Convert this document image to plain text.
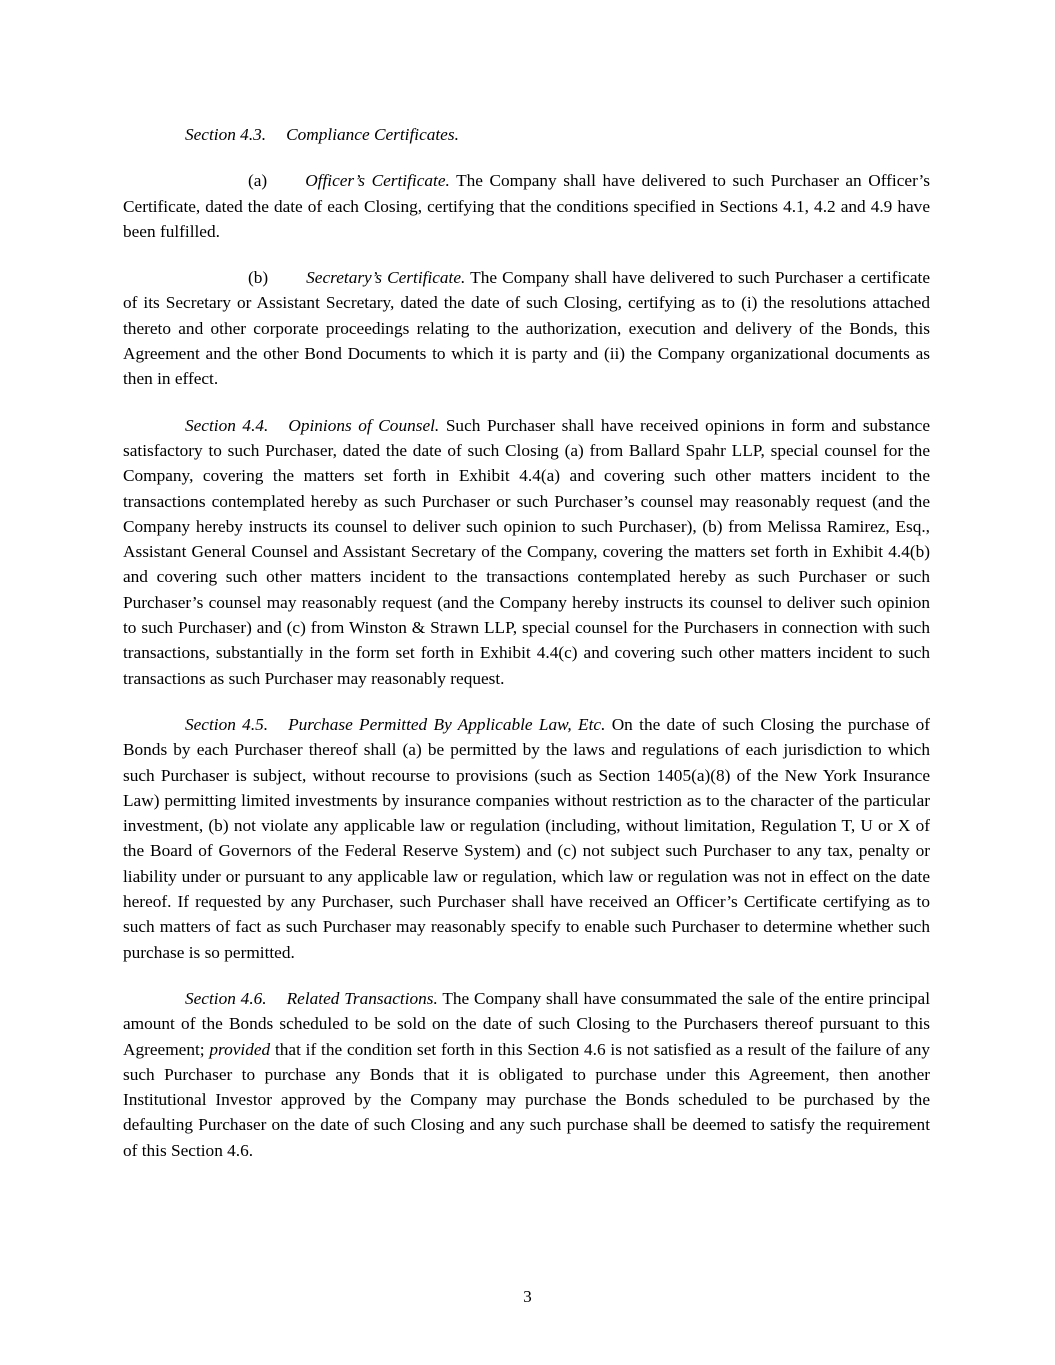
Section 4.3. Compliance Certificates.

(a) Officer’s Certificate. The Company shall have delivered to such Purchaser an Officer’s Certificate, dated the date of each Closing, certifying that the conditions specified in Sections 4.1, 4.2 and 4.9 have been fulfilled.

(b) Secretary’s Certificate. The Company shall have delivered to such Purchaser a certificate of its Secretary or Assistant Secretary, dated the date of such Closing, certifying as to (i) the resolutions attached thereto and other corporate proceedings relating to the authorization, execution and delivery of the Bonds, this Agreement and the other Bond Documents to which it is party and (ii) the Company organizational documents as then in effect.

Section 4.4. Opinions of Counsel. Such Purchaser shall have received opinions in form and substance satisfactory to such Purchaser, dated the date of such Closing (a) from Ballard Spahr LLP, special counsel for the Company, covering the matters set forth in Exhibit 4.4(a) and covering such other matters incident to the transactions contemplated hereby as such Purchaser or such Purchaser’s counsel may reasonably request (and the Company hereby instructs its counsel to deliver such opinion to such Purchaser), (b) from Melissa Ramirez, Esq., Assistant General Counsel and Assistant Secretary of the Company, covering the matters set forth in Exhibit 4.4(b) and covering such other matters incident to the transactions contemplated hereby as such Purchaser or such Purchaser’s counsel may reasonably request (and the Company hereby instructs its counsel to deliver such opinion to such Purchaser) and (c) from Winston & Strawn LLP, special counsel for the Purchasers in connection with such transactions, substantially in the form set forth in Exhibit 4.4(c) and covering such other matters incident to such transactions as such Purchaser may reasonably request.

Section 4.5. Purchase Permitted By Applicable Law, Etc. On the date of such Closing the purchase of Bonds by each Purchaser thereof shall (a) be permitted by the laws and regulations of each jurisdiction to which such Purchaser is subject, without recourse to provisions (such as Section 1405(a)(8) of the New York Insurance Law) permitting limited investments by insurance companies without restriction as to the character of the particular investment, (b) not violate any applicable law or regulation (including, without limitation, Regulation T, U or X of the Board of Governors of the Federal Reserve System) and (c) not subject such Purchaser to any tax, penalty or liability under or pursuant to any applicable law or regulation, which law or regulation was not in effect on the date hereof. If requested by any Purchaser, such Purchaser shall have received an Officer’s Certificate certifying as to such matters of fact as such Purchaser may reasonably specify to enable such Purchaser to determine whether such purchase is so permitted.

Section 4.6. Related Transactions. The Company shall have consummated the sale of the entire principal amount of the Bonds scheduled to be sold on the date of such Closing to the Purchasers thereof pursuant to this Agreement; provided that if the condition set forth in this Section 4.6 is not satisfied as a result of the failure of any such Purchaser to purchase any Bonds that it is obligated to purchase under this Agreement, then another Institutional Investor approved by the Company may purchase the Bonds scheduled to be purchased by the defaulting Purchaser on the date of such Closing and any such purchase shall be deemed to satisfy the requirement of this Section 4.6.

3
